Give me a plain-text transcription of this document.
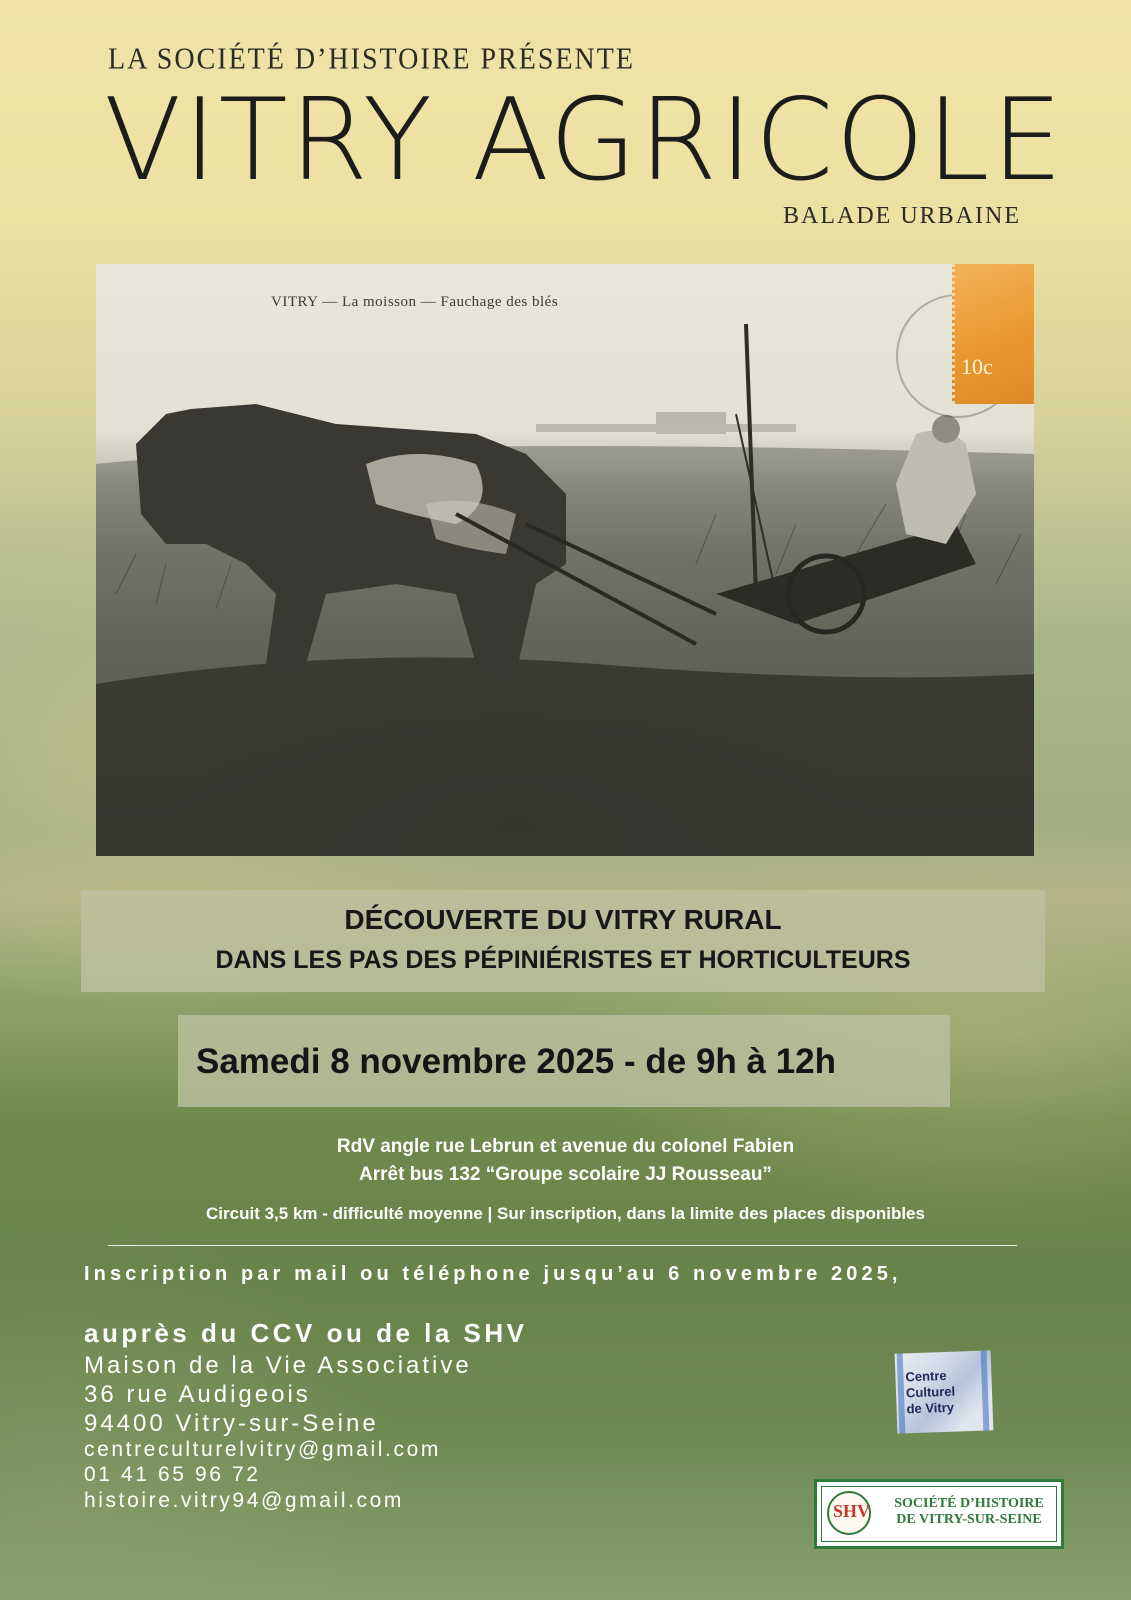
LA SOCIÉTÉ D’HISTOIRE PRÉSENTE
VITRY AGRICOLE
BALADE URBAINE
VITRY — La moisson — Fauchage des blés
10c
DÉCOUVERTE DU VITRY RURAL
DANS LES PAS DES PÉPINIÉRISTES ET HORTICULTEURS
Samedi 8 novembre 2025 - de 9h à 12h
RdV angle rue Lebrun et avenue du colonel Fabien
Arrêt bus 132 “Groupe scolaire JJ Rousseau”
Circuit 3,5 km - difficulté moyenne | Sur inscription, dans la limite des places disponibles
Inscription par mail ou téléphone jusqu’au 6 novembre 2025,
auprès du CCV ou de la SHV
Maison de la Vie Associative
36 rue Audigeois
94400 Vitry-sur-Seine
centreculturelvitry@gmail.com
01 41 65 96 72
histoire.vitry94@gmail.com
Centre
Culturel
de Vitry
SHV	SOCIÉTÉ D’HISTOIRE
DE VITRY-SUR-SEINE
